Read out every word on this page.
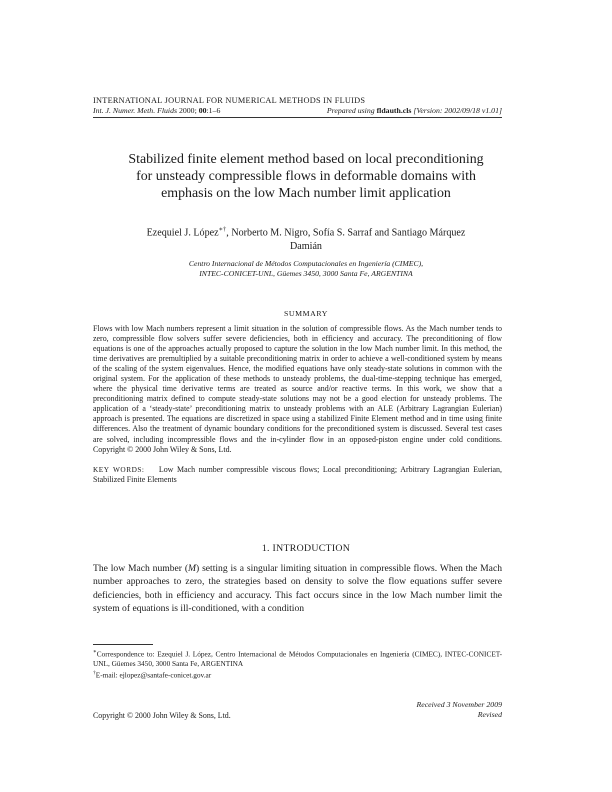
INTERNATIONAL JOURNAL FOR NUMERICAL METHODS IN FLUIDS
Int. J. Numer. Meth. Fluids 2000; 00:1–6	Prepared using fldauth.cls [Version: 2002/09/18 v1.01]
Stabilized finite element method based on local preconditioning
for unsteady compressible flows in deformable domains with
emphasis on the low Mach number limit application
Ezequiel J. López∗†, Norberto M. Nigro, Sofía S. Sarraf and Santiago Márquez
Damián
Centro Internacional de Métodos Computacionales en Ingeniería (CIMEC),
INTEC-CONICET-UNL, Güemes 3450, 3000 Santa Fe, ARGENTINA
SUMMARY
Flows with low Mach numbers represent a limit situation in the solution of compressible flows. As the Mach number tends to zero, compressible flow solvers suffer severe deficiencies, both in efficiency and accuracy. The preconditioning of flow equations is one of the approaches actually proposed to capture the solution in the low Mach number limit. In this method, the time derivatives are premultiplied by a suitable preconditioning matrix in order to achieve a well-conditioned system by means of the scaling of the system eigenvalues. Hence, the modified equations have only steady-state solutions in common with the original system. For the application of these methods to unsteady problems, the dual-time-stepping technique has emerged, where the physical time derivative terms are treated as source and/or reactive terms. In this work, we show that a preconditioning matrix defined to compute steady-state solutions may not be a good election for unsteady problems. The application of a ‘steady-state’ preconditioning matrix to unsteady problems with an ALE (Arbitrary Lagrangian Eulerian) approach is presented. The equations are discretized in space using a stabilized Finite Element method and in time using finite differences. Also the treatment of dynamic boundary conditions for the preconditioned system is discussed. Several test cases are solved, including incompressible flows and the in-cylinder flow in an opposed-piston engine under cold conditions. Copyright © 2000 John Wiley & Sons, Ltd.
KEY WORDS: Low Mach number compressible viscous flows; Local preconditioning; Arbitrary Lagrangian Eulerian, Stabilized Finite Elements
1. INTRODUCTION
The low Mach number (M) setting is a singular limiting situation in compressible flows. When the Mach number approaches to zero, the strategies based on density to solve the flow equations suffer severe deficiencies, both in efficiency and accuracy. This fact occurs since in the low Mach number limit the system of equations is ill-conditioned, with a condition
∗Correspondence to: Ezequiel J. López, Centro Internacional de Métodos Computacionales en Ingeniería (CIMEC), INTEC-CONICET-UNL, Güemes 3450, 3000 Santa Fe, ARGENTINA
†E-mail: ejlopez@santafe-conicet.gov.ar
Received 3 November 2009
Revised
Copyright © 2000 John Wiley & Sons, Ltd.
